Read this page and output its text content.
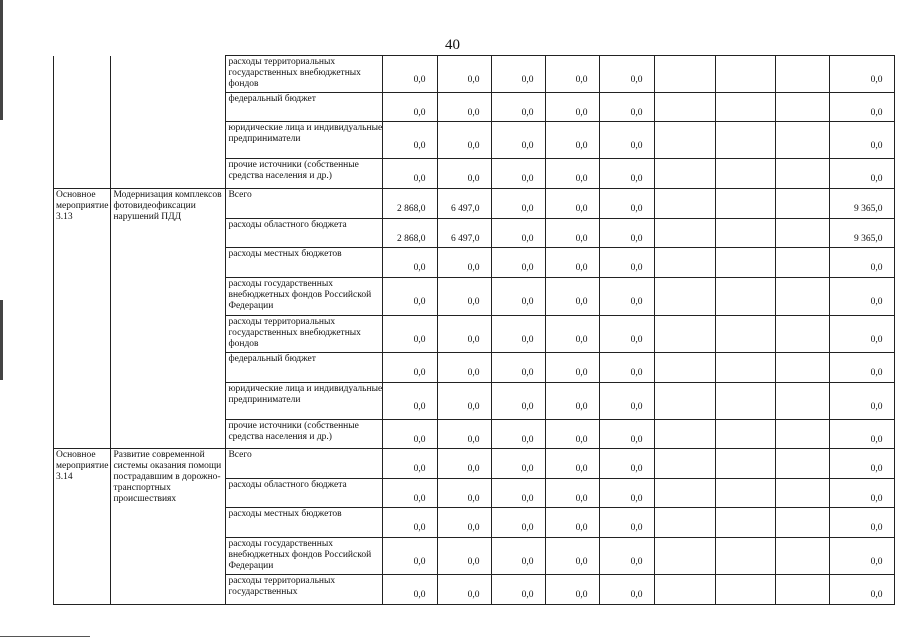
40
		расходы территориальных государственных внебюджетных фондов	0,0	0,0	0,0	0,0	0,0				0,0
		федеральный бюджет	0,0	0,0	0,0	0,0	0,0				0,0
		юридические лица и индивидуальные предприниматели	0,0	0,0	0,0	0,0	0,0				0,0
		прочие источники (собственные средства населения и др.)	0,0	0,0	0,0	0,0	0,0				0,0
Основное мероприятие 3.13	Модернизация комплексов фотовидеофиксации нарушений ПДД	Всего	2 868,0	6 497,0	0,0	0,0	0,0				9 365,0
		расходы областного бюджета	2 868,0	6 497,0	0,0	0,0	0,0				9 365,0
		расходы местных бюджетов	0,0	0,0	0,0	0,0	0,0				0,0
		расходы государственных внебюджетных фондов Российской Федерации	0,0	0,0	0,0	0,0	0,0				0,0
		расходы территориальных государственных внебюджетных фондов	0,0	0,0	0,0	0,0	0,0				0,0
		федеральный бюджет	0,0	0,0	0,0	0,0	0,0				0,0
		юридические лица и индивидуальные предприниматели	0,0	0,0	0,0	0,0	0,0				0,0
		прочие источники (собственные средства населения и др.)	0,0	0,0	0,0	0,0	0,0				0,0
Основное мероприятие 3.14	Развитие современной системы оказания помощи пострадавшим в дорожно-транспортных происшествиях	Всего	0,0	0,0	0,0	0,0	0,0				0,0
		расходы областного бюджета	0,0	0,0	0,0	0,0	0,0				0,0
		расходы местных бюджетов	0,0	0,0	0,0	0,0	0,0				0,0
		расходы государственных внебюджетных фондов Российской Федерации	0,0	0,0	0,0	0,0	0,0				0,0
		расходы территориальных государственных	0,0	0,0	0,0	0,0	0,0				0,0
